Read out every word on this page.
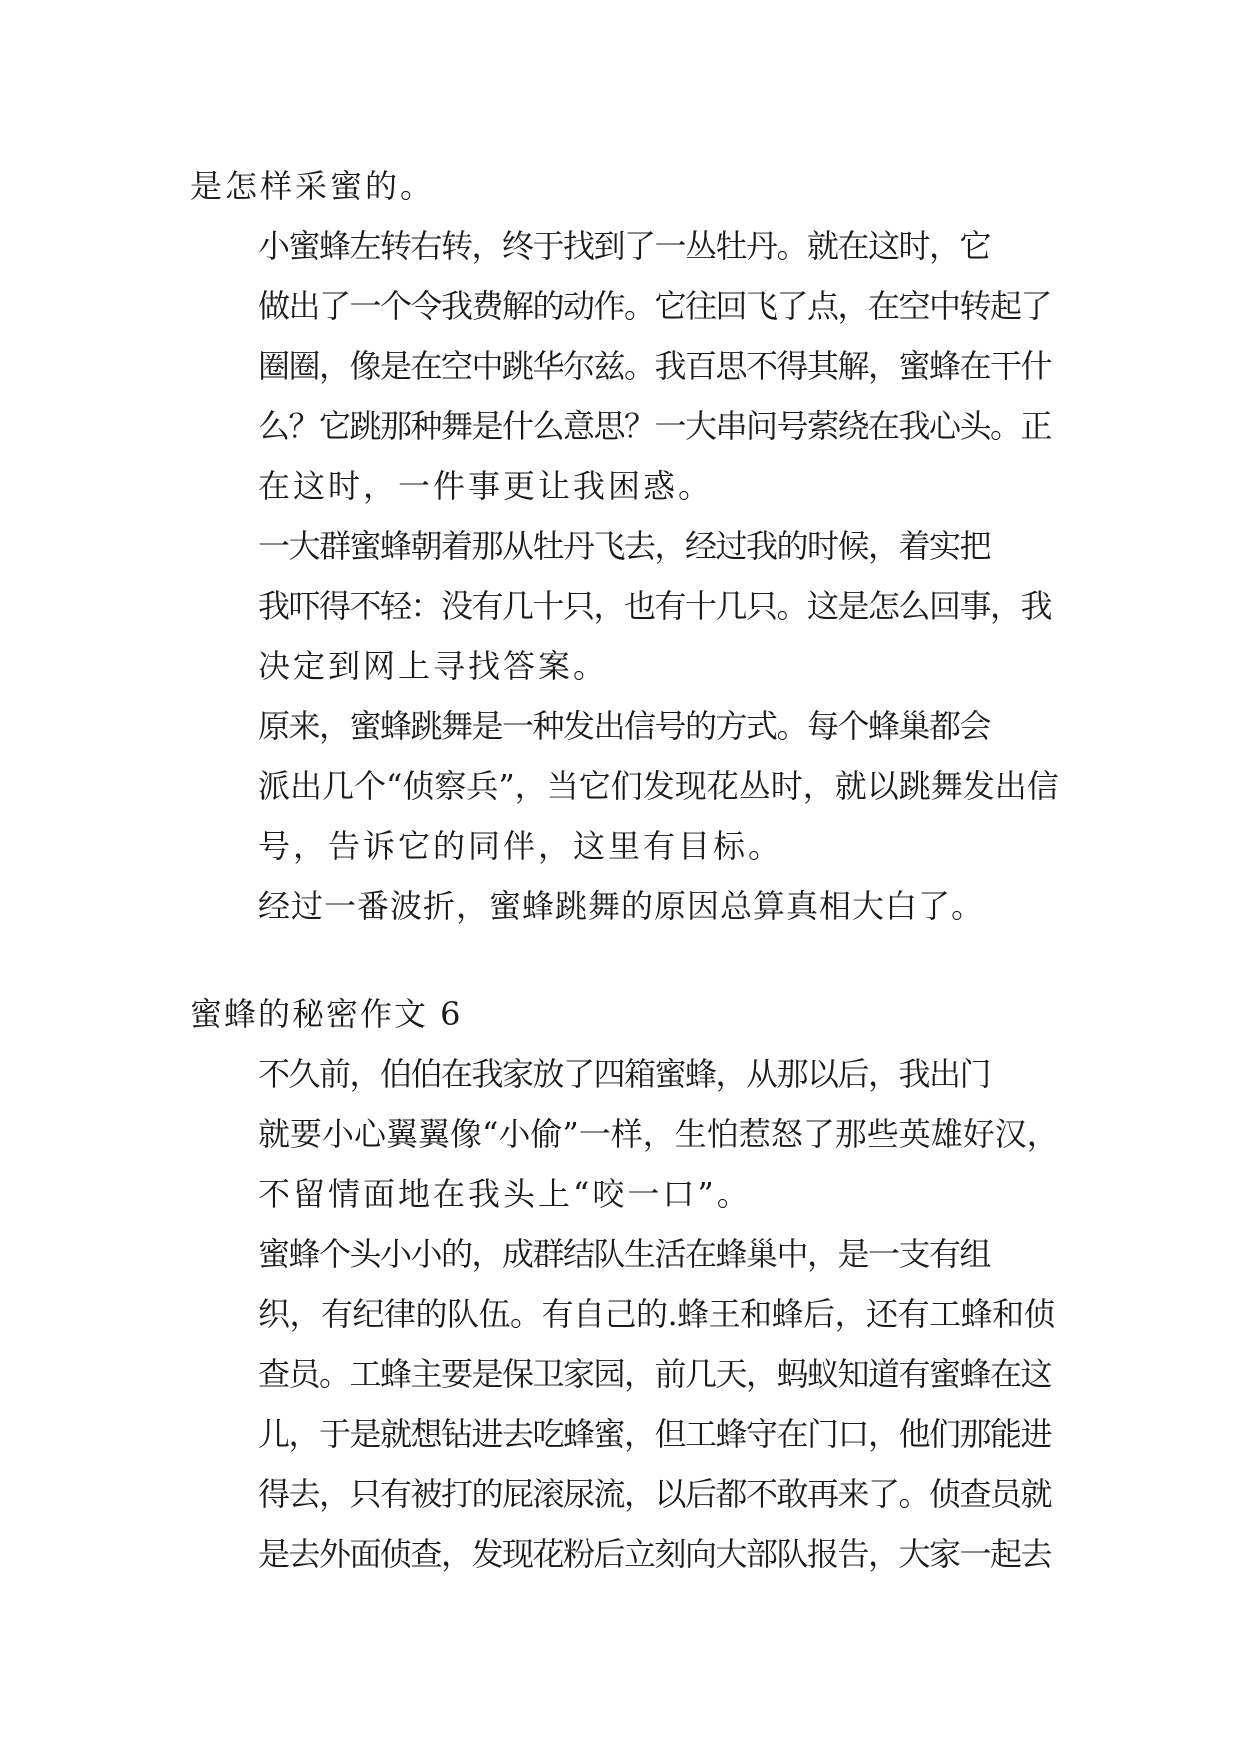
是怎样采蜜的。
小蜜蜂左转右转，终于找到了一丛牡丹。就在这时，它
做出了一个令我费解的动作。它往回飞了点，在空中转起了
圈圈，像是在空中跳华尔兹。我百思不得其解，蜜蜂在干什
么？它跳那种舞是什么意思？一大串问号萦绕在我心头。正
在这时，一件事更让我困惑。
一大群蜜蜂朝着那从牡丹飞去，经过我的时候，着实把
我吓得不轻：没有几十只，也有十几只。这是怎么回事，我
决定到网上寻找答案。
原来，蜜蜂跳舞是一种发出信号的方式。每个蜂巢都会
派出几个“侦察兵”，当它们发现花丛时，就以跳舞发出信
号，告诉它的同伴，这里有目标。
经过一番波折，蜜蜂跳舞的原因总算真相大白了。
蜜蜂的秘密作文 6
不久前，伯伯在我家放了四箱蜜蜂，从那以后，我出门
就要小心翼翼像“小偷”一样，生怕惹怒了那些英雄好汉，
不留情面地在我头上“咬一口”。
蜜蜂个头小小的，成群结队生活在蜂巢中，是一支有组
织，有纪律的队伍。有自己的.蜂王和蜂后，还有工蜂和侦
查员。工蜂主要是保卫家园，前几天，蚂蚁知道有蜜蜂在这
儿，于是就想钻进去吃蜂蜜，但工蜂守在门口，他们那能进
得去，只有被打的屁滚尿流，以后都不敢再来了。侦查员就
是去外面侦查，发现花粉后立刻向大部队报告，大家一起去
